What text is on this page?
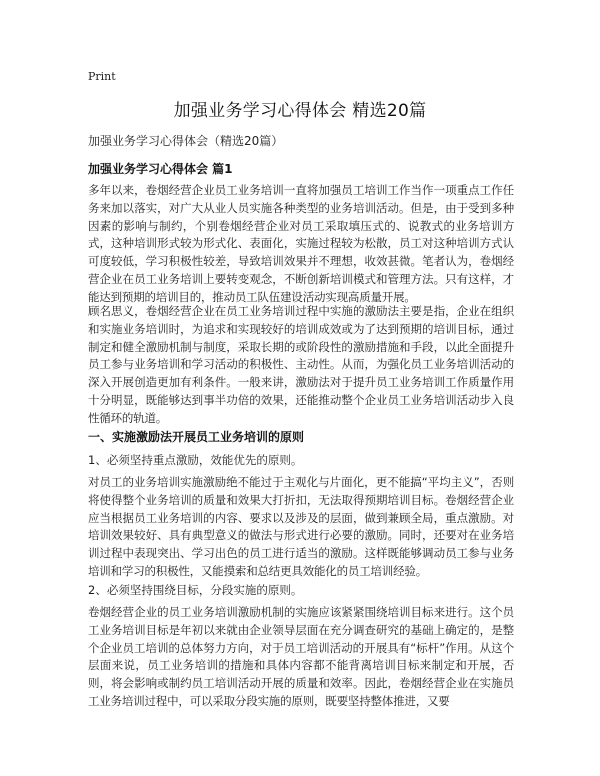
Print
加强业务学习心得体会 精选20篇
加强业务学习心得体会（精选20篇）
加强业务学习心得体会 篇1
多年以来，卷烟经营企业员工业务培训一直将加强员工培训工作当作一项重点工作任务来加以落实，对广大从业人员实施各种类型的业务培训活动。但是，由于受到多种因素的影响与制约，个别卷烟经营企业对员工采取填压式的、说教式的业务培训方式，这种培训形式较为形式化、表面化，实施过程较为松散，员工对这种培训方式认可度较低，学习积极性较差，导致培训效果并不理想，收效甚微。笔者认为，卷烟经营企业在员工业务培训上要转变观念，不断创新培训模式和管理方法。只有这样，才能达到预期的培训目的，推动员工队伍建设活动实现高质量开展。
顾名思义，卷烟经营企业在员工业务培训过程中实施的激励法主要是指，企业在组织和实施业务培训时，为追求和实现较好的培训成效或为了达到预期的培训目标，通过制定和健全激励机制与制度，采取长期的或阶段性的激励措施和手段，以此全面提升员工参与业务培训和学习活动的积极性、主动性。从而，为强化员工业务培训活动的深入开展创造更加有利条件。一般来讲，激励法对于提升员工业务培训工作质量作用十分明显，既能够达到事半功倍的效果，还能推动整个企业员工业务培训活动步入良性循环的轨道。
一、实施激励法开展员工业务培训的原则
1、必须坚持重点激励，效能优先的原则。
对员工的业务培训实施激励绝不能过于主观化与片面化，更不能搞“平均主义”，否则将使得整个业务培训的质量和效果大打折扣，无法取得预期培训目标。卷烟经营企业应当根据员工业务培训的内容、要求以及涉及的层面，做到兼顾全局，重点激励。对培训效果较好、具有典型意义的做法与形式进行必要的激励。同时，还要对在业务培训过程中表现突出、学习出色的员工进行适当的激励。这样既能够调动员工参与业务培训和学习的积极性，又能摸索和总结更具效能化的员工培训经验。
2、必须坚持围绕目标，分段实施的原则。
卷烟经营企业的员工业务培训激励机制的实施应该紧紧围绕培训目标来进行。这个员工业务培训目标是年初以来就由企业领导层面在充分调查研究的基础上确定的，是整个企业员工培训的总体努力方向，对于员工培训活动的开展具有“标杆”作用。从这个层面来说，员工业务培训的措施和具体内容都不能背离培训目标来制定和开展，否则，将会影响或制约员工培训活动开展的质量和效率。因此，卷烟经营企业在实施员工业务培训过程中，可以采取分段实施的原则，既要坚持整体推进，又要
